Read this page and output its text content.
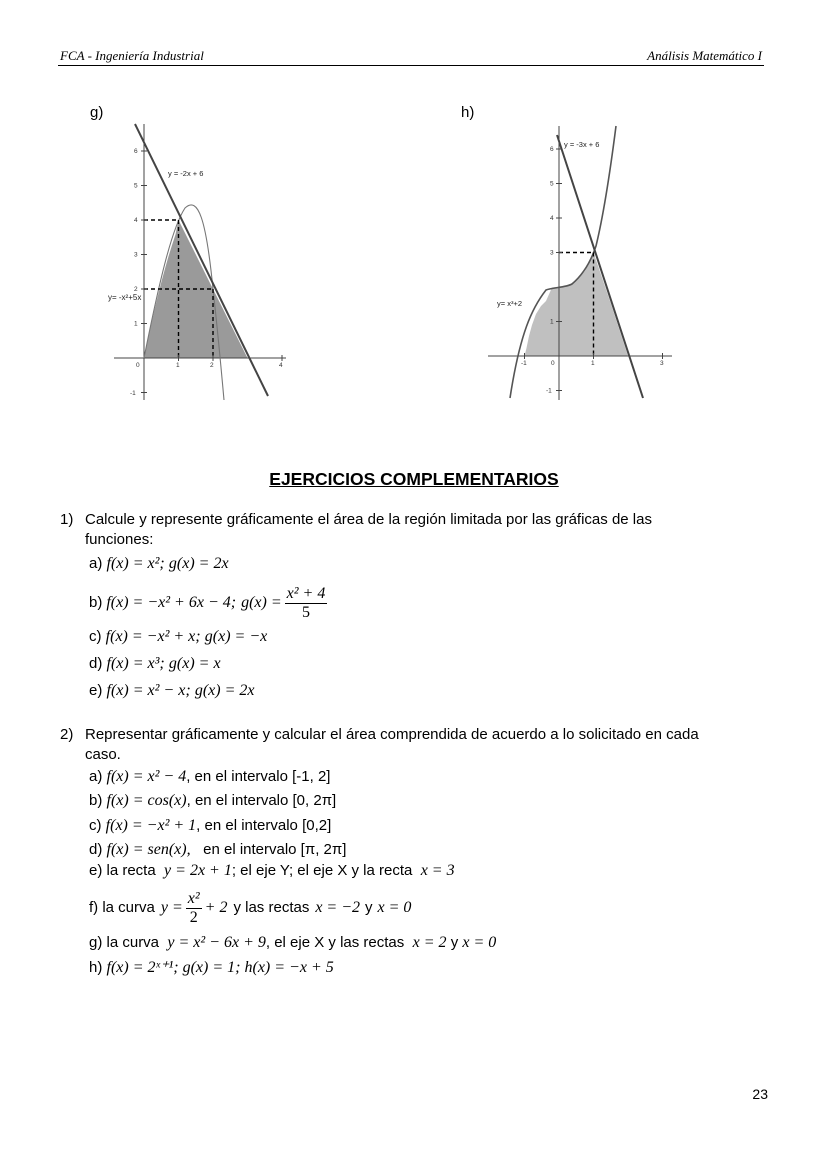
FCA - Ingeniería Industrial	Análisis Matemático I
g)
6
5
4
3
2
1
-1
0	1	2	4
y = -2x + 6
y= -x²+5x
h)
6
5
4
3
1
-1
-1	0	1	3
y = -3x + 6
y= x³+2
EJERCICIOS COMPLEMENTARIOS
1) Calcule y represente gráficamente el área de la región limitada por las gráficas de las
funciones:
a) f(x) = x²; g(x) = 2x
b) f(x) = −x² + 6x − 4; $g(x) = \frac{\text{x² + 4}}{5}$
c) f(x) = −x² + x; g(x) = −x
d) f(x) = x³; g(x) = x
e) f(x) = x² − x; g(x) = 2x
2) Representar gráficamente y calcular el área comprendida de acuerdo a lo solicitado en cada
caso.
a) f(x) = x² − 4, en el intervalo [-1, 2]
b) f(x) = cos(x), en el intervalo [0, 2π]
c) f(x) = −x² + 1, en el intervalo [0,2]
d) f(x) = sen(x), en el intervalo [π, 2π]
e) la recta y = 2x + 1; el eje Y; el eje X y la recta x = 3
f) la curva $y = \frac{\text{x²}}{2} + 2$ y las rectas x = −2 y x = 0
g) la curva y = x² − 6x + 9, el eje X y las rectas x = 2 y x = 0
h) f(x) = 2ˣ⁺¹; g(x) = 1; h(x) = −x + 5
23
